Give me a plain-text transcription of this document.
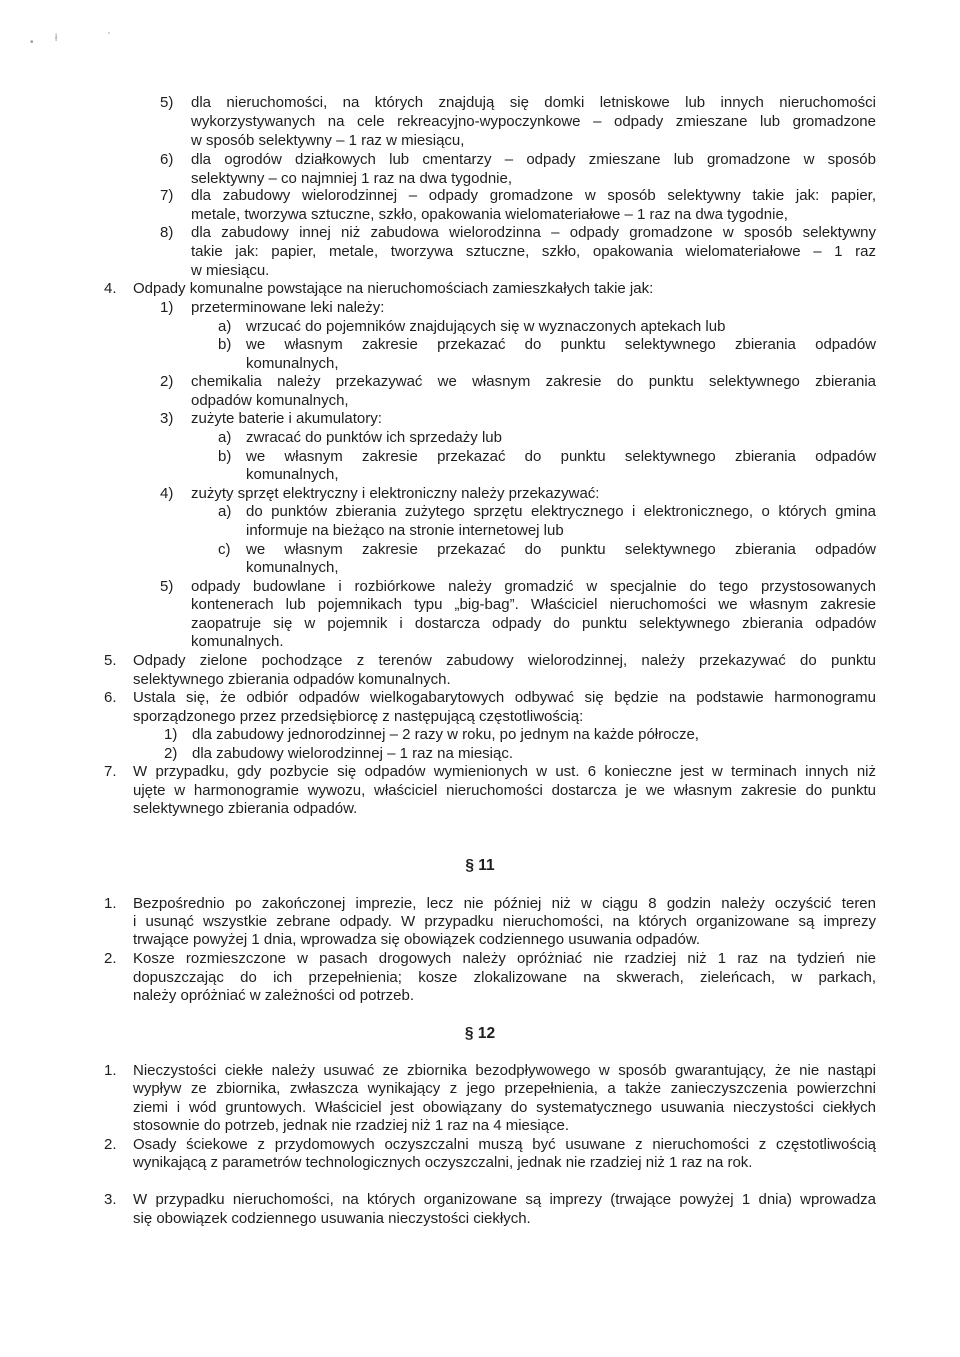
• ł	'
5) dla nieruchomości, na których znajdują się domki letniskowe lub innych nieruchomości
wykorzystywanych na cele rekreacyjno-wypoczynkowe – odpady zmieszane lub gromadzone
w sposób selektywny – 1 raz w miesiącu,
6) dla ogrodów działkowych lub cmentarzy – odpady zmieszane lub gromadzone w sposób
selektywny – co najmniej 1 raz na dwa tygodnie,
7) dla zabudowy wielorodzinnej – odpady gromadzone w sposób selektywny takie jak: papier,
metale, tworzywa sztuczne, szkło, opakowania wielomateriałowe – 1 raz na dwa tygodnie,
8) dla zabudowy innej niż zabudowa wielorodzinna – odpady gromadzone w sposób selektywny
takie jak: papier, metale, tworzywa sztuczne, szkło, opakowania wielomateriałowe – 1 raz
w miesiącu.
4. Odpady komunalne powstające na nieruchomościach zamieszkałych takie jak:
1) przeterminowane leki należy:
a) wrzucać do pojemników znajdujących się w wyznaczonych aptekach lub
b) we własnym zakresie przekazać do punktu selektywnego zbierania odpadów
komunalnych,
2) chemikalia należy przekazywać we własnym zakresie do punktu selektywnego zbierania
odpadów komunalnych,
3) zużyte baterie i akumulatory:
a) zwracać do punktów ich sprzedaży lub
b) we własnym zakresie przekazać do punktu selektywnego zbierania odpadów
komunalnych,
4) zużyty sprzęt elektryczny i elektroniczny należy przekazywać:
a) do punktów zbierania zużytego sprzętu elektrycznego i elektronicznego, o których gmina
informuje na bieżąco na stronie internetowej lub
c) we własnym zakresie przekazać do punktu selektywnego zbierania odpadów
komunalnych,
5) odpady budowlane i rozbiórkowe należy gromadzić w specjalnie do tego przystosowanych
kontenerach lub pojemnikach typu „big-bag”. Właściciel nieruchomości we własnym zakresie
zaopatruje się w pojemnik i dostarcza odpady do punktu selektywnego zbierania odpadów
komunalnych.
5. Odpady zielone pochodzące z terenów zabudowy wielorodzinnej, należy przekazywać do punktu
selektywnego zbierania odpadów komunalnych.
6. Ustala się, że odbiór odpadów wielkogabarytowych odbywać się będzie na podstawie harmonogramu
sporządzonego przez przedsiębiorcę z następującą częstotliwością:
1) dla zabudowy jednorodzinnej – 2 razy w roku, po jednym na każde półrocze,
2) dla zabudowy wielorodzinnej – 1 raz na miesiąc.
7. W przypadku, gdy pozbycie się odpadów wymienionych w ust. 6 konieczne jest w terminach innych niż
ujęte w harmonogramie wywozu, właściciel nieruchomości dostarcza je we własnym zakresie do punktu
selektywnego zbierania odpadów.
§ 11
1. Bezpośrednio po zakończonej imprezie, lecz nie później niż w ciągu 8 godzin należy oczyścić teren
i usunąć wszystkie zebrane odpady. W przypadku nieruchomości, na których organizowane są imprezy
trwające powyżej 1 dnia, wprowadza się obowiązek codziennego usuwania odpadów.
2. Kosze rozmieszczone w pasach drogowych należy opróżniać nie rzadziej niż 1 raz na tydzień nie
dopuszczając do ich przepełnienia; kosze zlokalizowane na skwerach, zieleńcach, w parkach,
należy opróżniać w zależności od potrzeb.
§ 12
1. Nieczystości ciekłe należy usuwać ze zbiornika bezodpływowego w sposób gwarantujący, że nie nastąpi
wypływ ze zbiornika, zwłaszcza wynikający z jego przepełnienia, a także zanieczyszczenia powierzchni
ziemi i wód gruntowych. Właściciel jest obowiązany do systematycznego usuwania nieczystości ciekłych
stosownie do potrzeb, jednak nie rzadziej niż 1 raz na 4 miesiące.
2. Osady ściekowe z przydomowych oczyszczalni muszą być usuwane z nieruchomości z częstotliwością
wynikającą z parametrów technologicznych oczyszczalni, jednak nie rzadziej niż 1 raz na rok.
3. W przypadku nieruchomości, na których organizowane są imprezy (trwające powyżej 1 dnia) wprowadza
się obowiązek codziennego usuwania nieczystości ciekłych.
